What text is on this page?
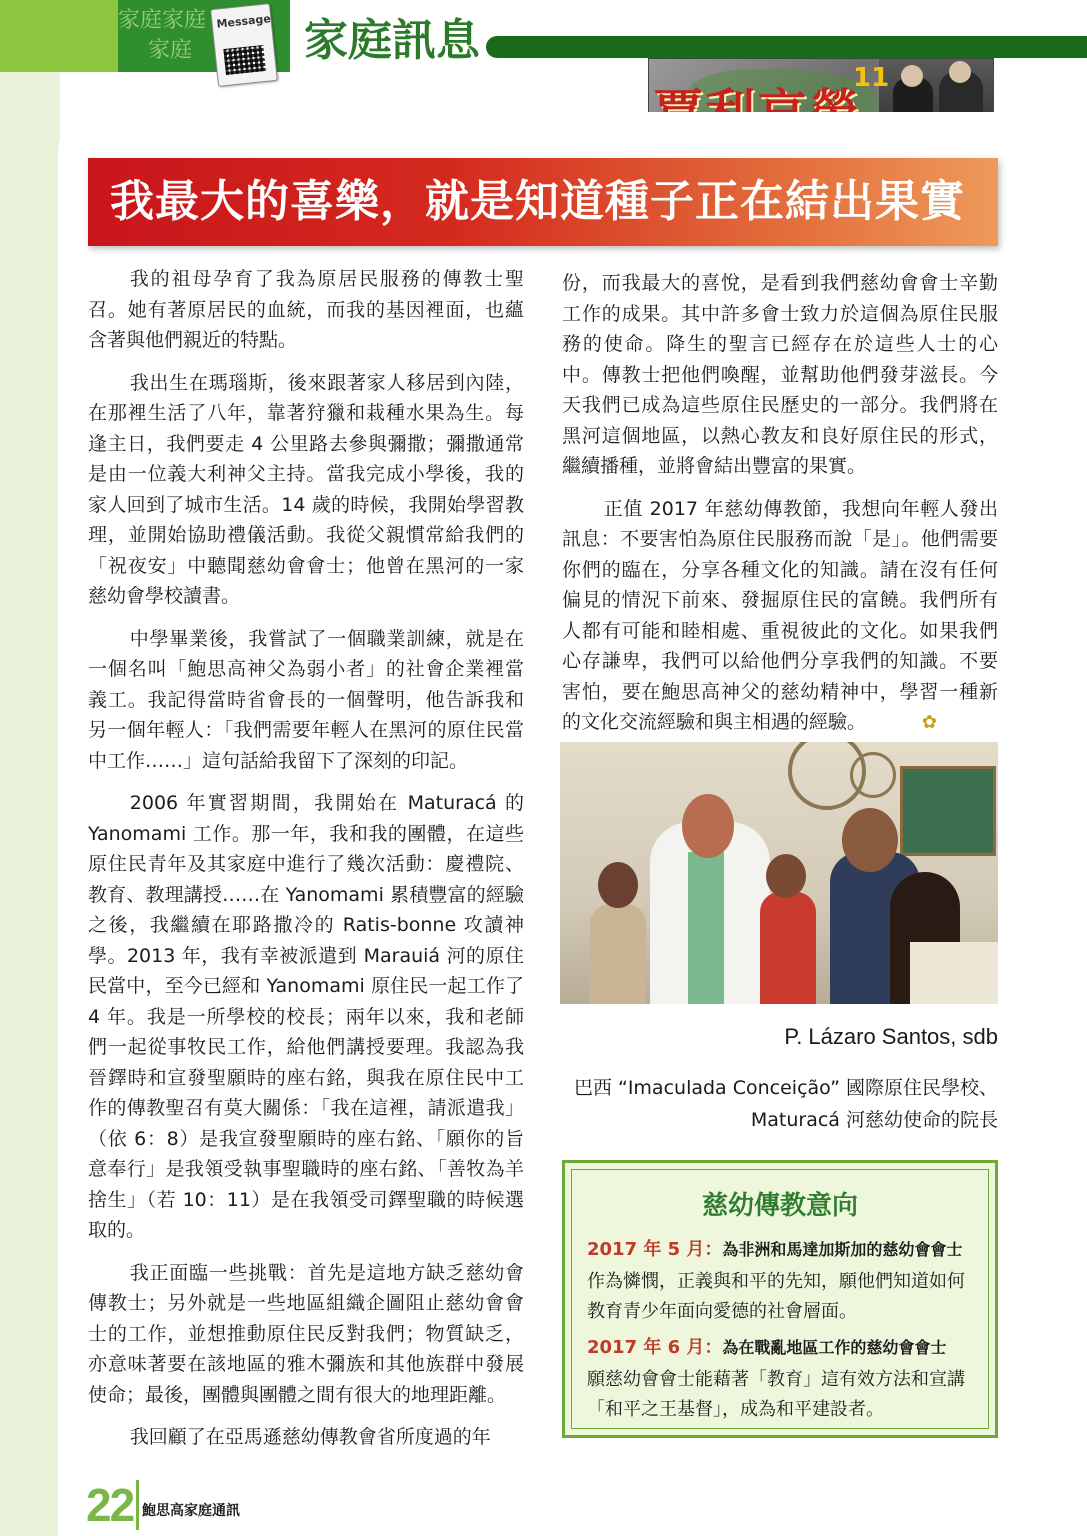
家庭家庭
家庭
Message 家庭訊息
11
我最大的喜樂，就是知道種子正在結出果實

我的祖母孕育了我為原居民服務的傳教士聖召。她有著原居民的血統，而我的基因裡面，也蘊含著與他們親近的特點。

我出生在瑪瑙斯，後來跟著家人移居到內陸，在那裡生活了八年，靠著狩獵和栽種水果為生。每逢主日，我們要走 4 公里路去參與彌撒；彌撒通常是由一位義大利神父主持。當我完成小學後，我的家人回到了城市生活。14 歲的時候，我開始學習教理，並開始協助禮儀活動。我從父親慣常給我們的「祝夜安」中聽聞慈幼會會士；他曾在黑河的一家慈幼會學校讀書。

中學畢業後，我嘗試了一個職業訓練，就是在一個名叫「鮑思高神父為弱小者」的社會企業裡當義工。我記得當時省會長的一個聲明，他告訴我和另一個年輕人：「我們需要年輕人在黑河的原住民當中工作……」這句話給我留下了深刻的印記。

2006 年實習期間，我開始在 Maturacá 的 Yanomami 工作。那一年，我和我的團體，在這些原住民青年及其家庭中進行了幾次活動：慶禮院、教育、教理講授……在 Yanomami 累積豐富的經驗之後，我繼續在耶路撒冷的 Ratis-bonne 攻讀神學。2013 年，我有幸被派遣到 Marauiá 河的原住民當中，至今已經和 Yanomami 原住民一起工作了 4 年。我是一所學校的校長；兩年以來，我和老師們一起從事牧民工作，給他們講授要理。我認為我晉鐸時和宣發聖願時的座右銘，與我在原住民中工作的傳教聖召有莫大關係：「我在這裡，請派遣我」（依 6：8）是我宣發聖願時的座右銘、「願你的旨意奉行」是我領受執事聖職時的座右銘、「善牧為羊捨生」（若 10：11）是在我領受司鐸聖職的時候選取的。

我正面臨一些挑戰：首先是這地方缺乏慈幼會傳教士；另外就是一些地區組織企圖阻止慈幼會會士的工作，並想推動原住民反對我們；物質缺乏，亦意味著要在該地區的雅木彌族和其他族群中發展使命；最後，團體與團體之間有很大的地理距離。

我回顧了在亞馬遜慈幼傳教會省所度過的年

份，而我最大的喜悅，是看到我們慈幼會會士辛勤工作的成果。其中許多會士致力於這個為原住民服務的使命。降生的聖言已經存在於這些人士的心中。傳教士把他們喚醒，並幫助他們發芽滋長。今天我們已成為這些原住民歷史的一部分。我們將在黑河這個地區，以熱心教友和良好原住民的形式，繼續播種，並將會結出豐富的果實。

正值 2017 年慈幼傳教節，我想向年輕人發出訊息：不要害怕為原住民服務而說「是」。他們需要你們的臨在，分享各種文化的知識。請在沒有任何偏見的情況下前來、發掘原住民的富饒。我們所有人都有可能和睦相處、重視彼此的文化。如果我們心存謙卑，我們可以給他們分享我們的知識。不要害怕，要在鮑思高神父的慈幼精神中，學習一種新的文化交流經驗和與主相遇的經驗。	✿

P. Lázaro Santos, sdb
巴西 “Imaculada Conceição” 國際原住民學校、
Maturacá 河慈幼使命的院長
慈幼傳教意向
2017 年 5 月：為非洲和馬達加斯加的慈幼會會士
作為憐憫，正義與和平的先知，願他們知道如何教育青少年面向愛德的社會層面。
2017 年 6 月：為在戰亂地區工作的慈幼會會士
願慈幼會會士能藉著「教育」這有效方法和宣講「和平之王基督」，成為和平建設者。
22 鮑思高家庭通訊
